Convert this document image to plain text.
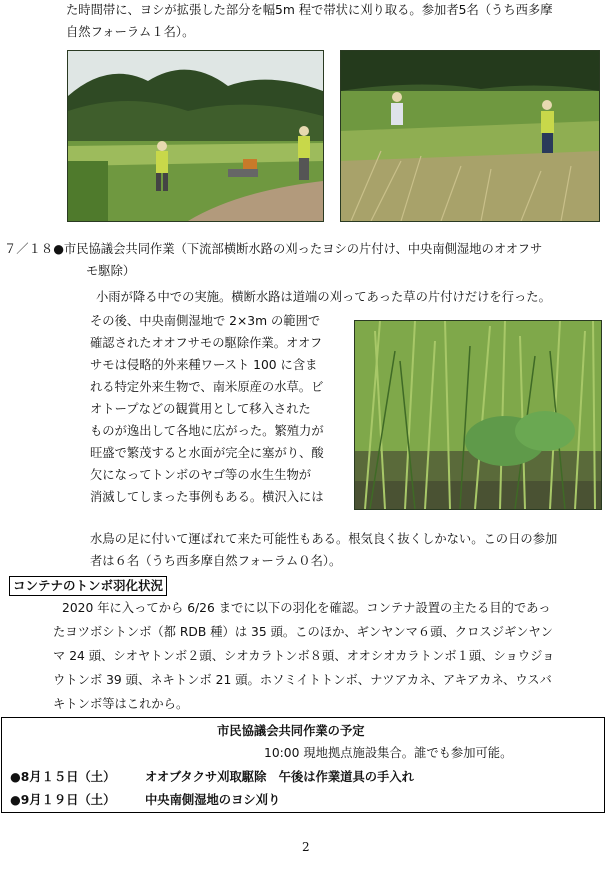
た時間帯に、ヨシが拡張した部分を幅5m 程で帯状に刈り取る。参加者5名（うち西多摩
自然フォーラム１名）。
７／１８●市民協議会共同作業（下流部横断水路の刈ったヨシの片付け、中央南側湿地のオオフサ
モ駆除）
小雨が降る中での実施。横断水路は道端の刈ってあった草の片付けだけを行った。
その後、中央南側湿地で 2×3m の範囲で
確認されたオオフサモの駆除作業。オオフ
サモは侵略的外来種ワースト 100 に含ま
れる特定外来生物で、南米原産の水草。ビ
オトープなどの観賞用として移入された
ものが逸出して各地に広がった。繁殖力が
旺盛で繁茂すると水面が完全に塞がり、酸
欠になってトンボのヤゴ等の水生生物が
消滅してしまった事例もある。横沢入には
水鳥の足に付いて運ばれて来た可能性もある。根気良く抜くしかない。この日の参加
者は６名（うち西多摩自然フォーラム０名）。
コンテナのトンボ羽化状況
2020 年に入ってから 6/26 までに以下の羽化を確認。コンテナ設置の主たる目的であっ
たヨツボシトンボ（都 RDB 種）は 35 頭。このほか、ギンヤンマ６頭、クロスジギンヤン
マ 24 頭、シオヤトンボ２頭、シオカラトンボ８頭、オオシオカラトンボ１頭、ショウジョ
ウトンボ 39 頭、ネキトンボ 21 頭。ホソミイトトンボ、ナツアカネ、アキアカネ、ウスバ
キトンボ等はこれから。
市民協議会共同作業の予定
10:00 現地拠点施設集合。誰でも参加可能。
●8月１５日（土） オオブタクサ刈取駆除　午後は作業道具の手入れ
●9月１９日（土） 中央南側湿地のヨシ刈り
2
